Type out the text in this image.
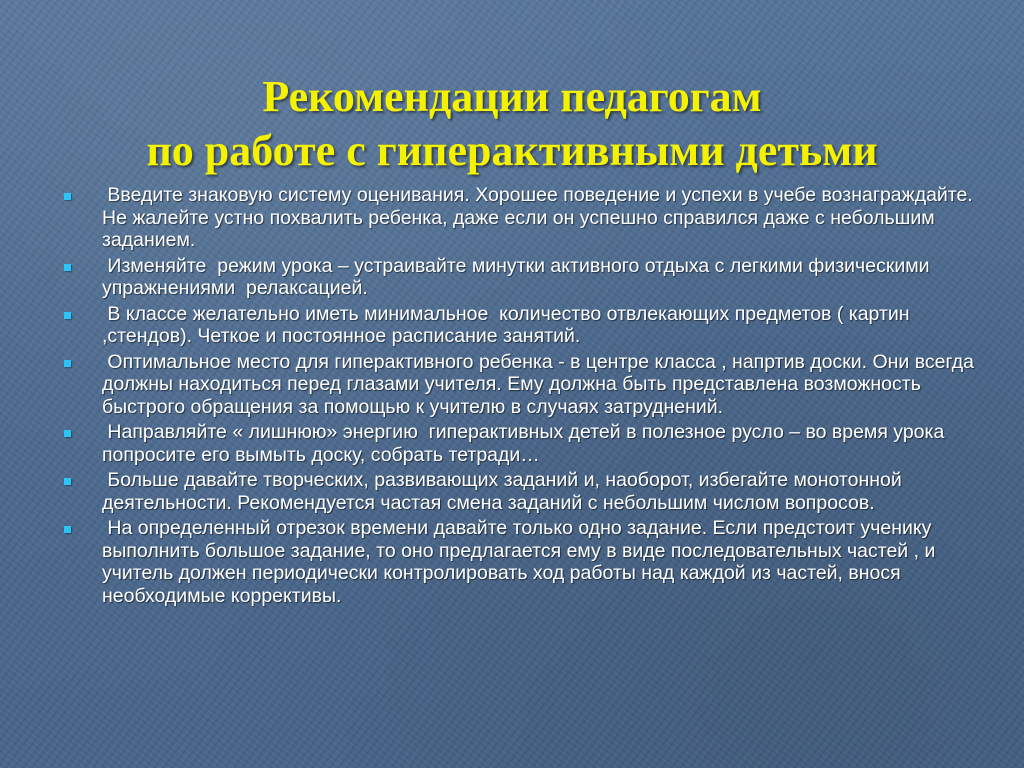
Рекомендации педагогам
по работе с гиперактивными детьми
Введите знаковую систему оценивания. Хорошее поведение и успехи в учебе вознаграждайте. Не жалейте устно похвалить ребенка, даже если он успешно справился даже с небольшим заданием.
Изменяйте  режим урока – устраивайте минутки активного отдыха с легкими физическими упражнениями  релаксацией.
В классе желательно иметь минимальное  количество отвлекающих предметов ( картин ,стендов). Четкое и постоянное расписание занятий.
Оптимальное место для гиперактивного ребенка - в центре класса , напртив доски. Они всегда должны находиться перед глазами учителя. Ему должна быть представлена возможность быстрого обращения за помощью к учителю в случаях затруднений.
Направляйте « лишнюю» энергию  гиперактивных детей в полезное русло – во время урока попросите его вымыть доску, собрать тетради…
Больше давайте творческих, развивающих заданий и, наоборот, избегайте монотонной деятельности. Рекомендуется частая смена заданий с небольшим числом вопросов.
На определенный отрезок времени давайте только одно задание. Если предстоит ученику выполнить большое задание, то оно предлагается ему в виде последовательных частей , и учитель должен периодически контролировать ход работы над каждой из частей, внося необходимые коррективы.
